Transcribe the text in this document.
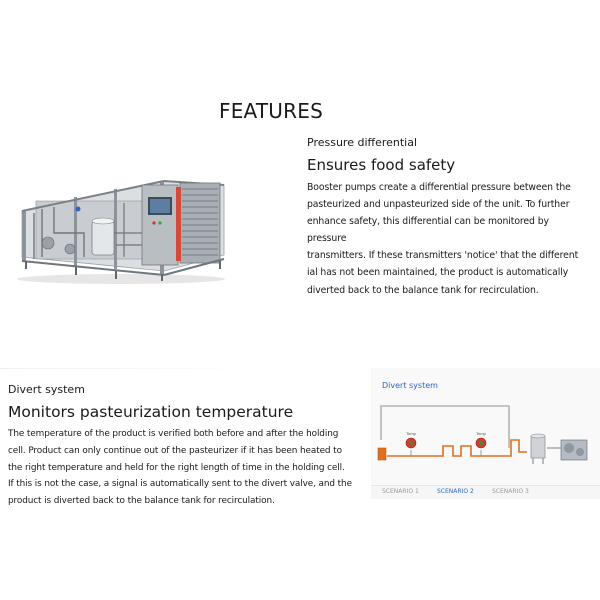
FEATURES
Pressure differential
Ensures food safety
Booster pumps create a differential pressure between the
pasteurized and unpasteurized side of the unit. To further
enhance safety, this differential can be monitored by pressure
transmitters. If these transmitters 'notice' that the different
ial has not been maintained, the product is automatically
diverted back to the balance tank for recirculation.
Divert system
Monitors pasteurization temperature
The temperature of the product is verified both before and after the holding
cell. Product can only continue out of the pasteurizer if it has been heated to
the right temperature and held for the right length of time in the holding cell.
If this is not the case, a signal is automatically sent to the divert valve, and the
product is diverted back to the balance tank for recirculation.
Temp	Temp
Divert system
SCENARIO 1	SCENARIO 2	SCENARIO 3
